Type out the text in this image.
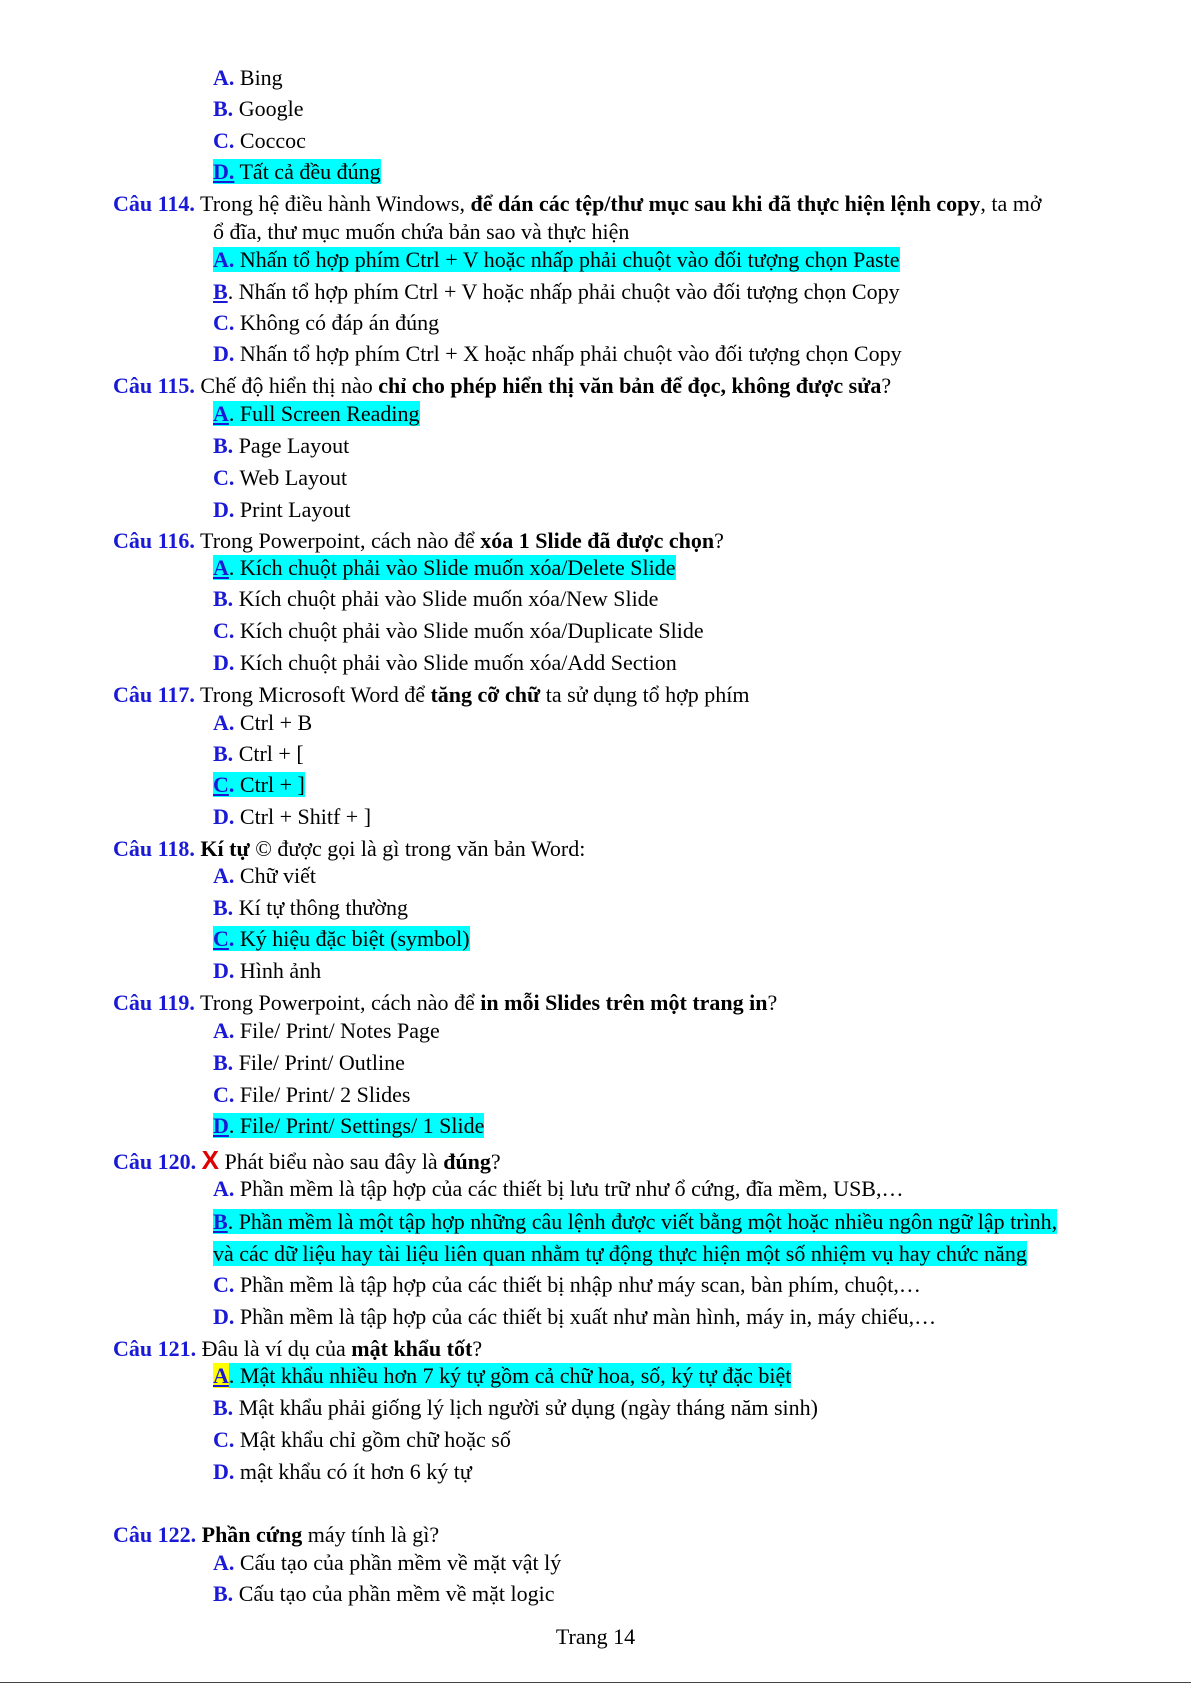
A. Bing
B. Google
C. Coccoc
D. Tất cả đều đúng
Câu 114. Trong hệ điều hành Windows, để dán các tệp/thư mục sau khi đã thực hiện lệnh copy, ta mở
ổ đĩa, thư mục muốn chứa bản sao và thực hiện
A. Nhấn tổ hợp phím Ctrl + V hoặc nhấp phải chuột vào đối tượng chọn Paste
B. Nhấn tổ hợp phím Ctrl + V hoặc nhấp phải chuột vào đối tượng chọn Copy
C. Không có đáp án đúng
D. Nhấn tổ hợp phím Ctrl + X hoặc nhấp phải chuột vào đối tượng chọn Copy
Câu 115. Chế độ hiển thị nào chỉ cho phép hiển thị văn bản để đọc, không được sửa?
A. Full Screen Reading
B. Page Layout
C. Web Layout
D. Print Layout
Câu 116. Trong Powerpoint, cách nào để xóa 1 Slide đã được chọn?
A. Kích chuột phải vào Slide muốn xóa/Delete Slide
B. Kích chuột phải vào Slide muốn xóa/New Slide
C. Kích chuột phải vào Slide muốn xóa/Duplicate Slide
D. Kích chuột phải vào Slide muốn xóa/Add Section
Câu 117. Trong Microsoft Word để tăng cỡ chữ ta sử dụng tổ hợp phím
A. Ctrl + B
B. Ctrl + [
C. Ctrl + ]
D. Ctrl + Shitf + ]
Câu 118. Kí tự © được gọi là gì trong văn bản Word:
A. Chữ viết
B. Kí tự thông thường
C. Ký hiệu đặc biệt (symbol)
D. Hình ảnh
Câu 119. Trong Powerpoint, cách nào để in mỗi Slides trên một trang in?
A. File/ Print/ Notes Page
B. File/ Print/ Outline
C. File/ Print/ 2 Slides
D. File/ Print/ Settings/ 1 Slide
Câu 120. X Phát biểu nào sau đây là đúng?
A. Phần mềm là tập hợp của các thiết bị lưu trữ như ổ cứng, đĩa mềm, USB,…
B. Phần mềm là một tập hợp những câu lệnh được viết bằng một hoặc nhiều ngôn ngữ lập trình,
và các dữ liệu hay tài liệu liên quan nhằm tự động thực hiện một số nhiệm vụ hay chức năng
C. Phần mềm là tập hợp của các thiết bị nhập như máy scan, bàn phím, chuột,…
D. Phần mềm là tập hợp của các thiết bị xuất như màn hình, máy in, máy chiếu,…
Câu 121. Đâu là ví dụ của mật khẩu tốt?
A. Mật khẩu nhiều hơn 7 ký tự gồm cả chữ hoa, số, ký tự đặc biệt
B. Mật khẩu phải giống lý lịch người sử dụng (ngày tháng năm sinh)
C. Mật khẩu chỉ gồm chữ hoặc số
D. mật khẩu có ít hơn 6 ký tự
Câu 122. Phần cứng máy tính là gì?
A. Cấu tạo của phần mềm về mặt vật lý
B. Cấu tạo của phần mềm về mặt logic
Trang 14
